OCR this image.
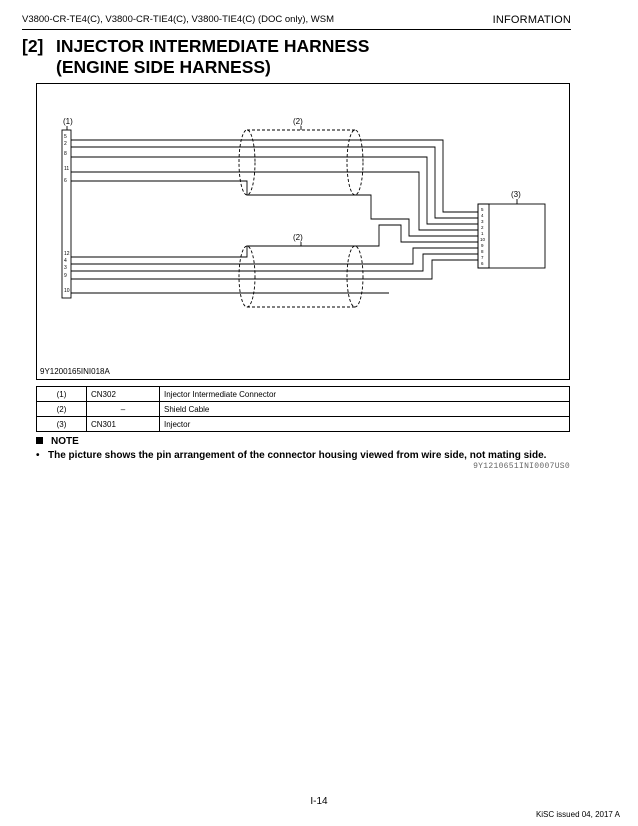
V3800-CR-TE4(C), V3800-CR-TIE4(C), V3800-TIE4(C) (DOC only), WSM	INFORMATION
[2] INJECTOR INTERMEDIATE HARNESS
(ENGINE SIDE HARNESS)
(1)	(2)
(2)
(3)
5
2
8
11
6
12
4
3
9
10
5
4
3
2
1
10
9
8
7
6
9Y1200165INI018A
(1)	CN302	Injector Intermediate Connector
(2)	–	Shield Cable
(3)	CN301	Injector
NOTE
• The picture shows the pin arrangement of the connector housing viewed from wire side, not mating side.
9Y1210651INI0007US0
I-14
KiSC issued 04, 2017 A
